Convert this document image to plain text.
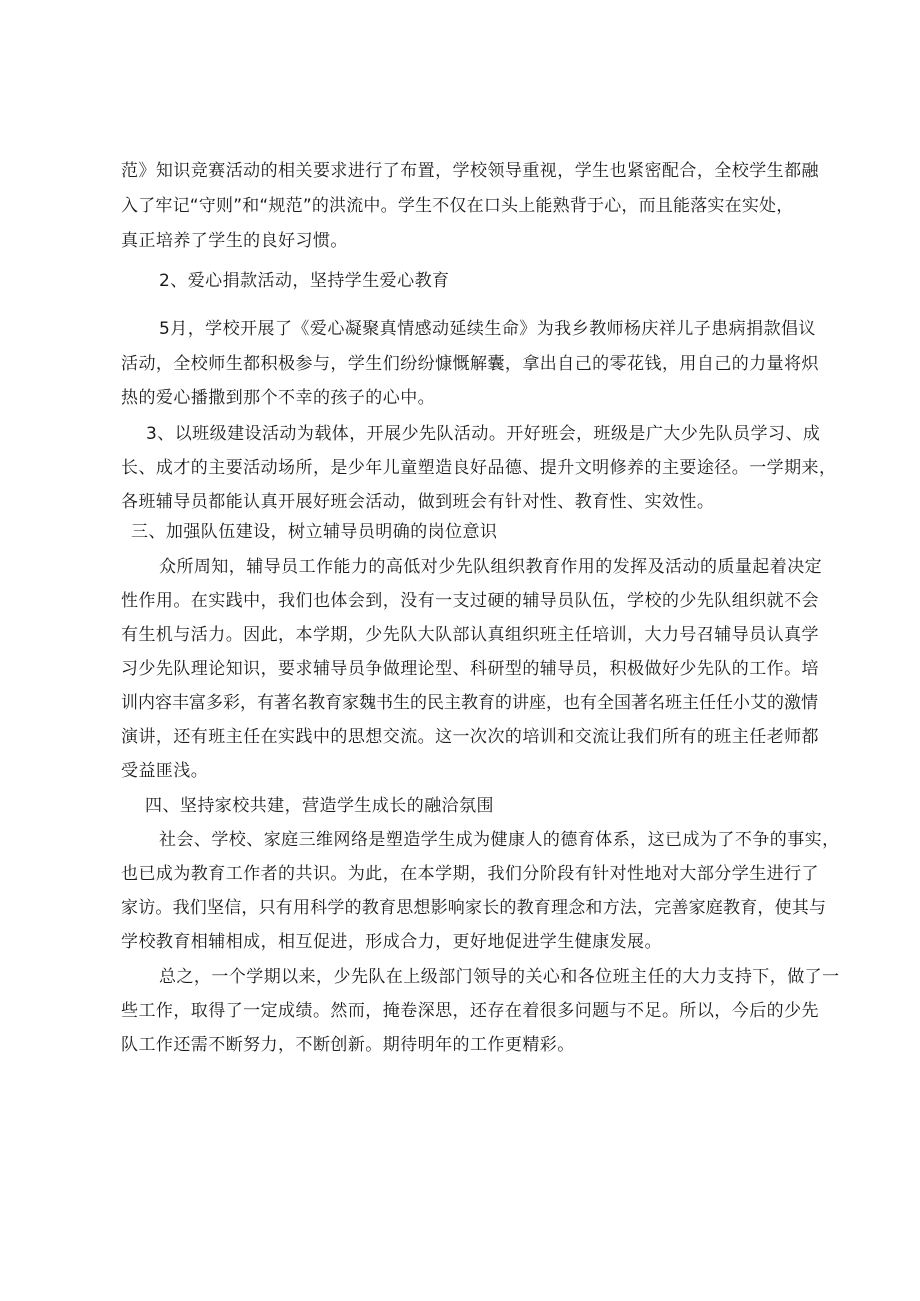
范》知识竞赛活动的相关要求进行了布置，学校领导重视，学生也紧密配合，全校学生都融
入了牢记“守则”和“规范”的洪流中。学生不仅在口头上能熟背于心，而且能落实在实处，
真正培养了学生的良好习惯。
2、爱心捐款活动，坚持学生爱心教育
5月，学校开展了《爱心凝聚真情感动延续生命》为我乡教师杨庆祥儿子患病捐款倡议
活动，全校师生都积极参与，学生们纷纷慷慨解囊，拿出自己的零花钱，用自己的力量将炽
热的爱心播撒到那个不幸的孩子的心中。
3、以班级建设活动为载体，开展少先队活动。开好班会，班级是广大少先队员学习、成
长、成才的主要活动场所，是少年儿童塑造良好品德、提升文明修养的主要途径。一学期来，
各班辅导员都能认真开展好班会活动，做到班会有针对性、教育性、实效性。
三、加强队伍建设，树立辅导员明确的岗位意识
众所周知，辅导员工作能力的高低对少先队组织教育作用的发挥及活动的质量起着决定
性作用。在实践中，我们也体会到，没有一支过硬的辅导员队伍，学校的少先队组织就不会
有生机与活力。因此，本学期，少先队大队部认真组织班主任培训，大力号召辅导员认真学
习少先队理论知识，要求辅导员争做理论型、科研型的辅导员，积极做好少先队的工作。培
训内容丰富多彩，有著名教育家魏书生的民主教育的讲座，也有全国著名班主任任小艾的激情
演讲，还有班主任在实践中的思想交流。这一次次的培训和交流让我们所有的班主任老师都
受益匪浅。
四、坚持家校共建，营造学生成长的融洽氛围
社会、学校、家庭三维网络是塑造学生成为健康人的德育体系，这已成为了不争的事实，
也已成为教育工作者的共识。为此，在本学期，我们分阶段有针对性地对大部分学生进行了
家访。我们坚信，只有用科学的教育思想影响家长的教育理念和方法，完善家庭教育，使其与
学校教育相辅相成，相互促进，形成合力，更好地促进学生健康发展。
总之，一个学期以来，少先队在上级部门领导的关心和各位班主任的大力支持下，做了一
些工作，取得了一定成绩。然而，掩卷深思，还存在着很多问题与不足。所以，今后的少先
队工作还需不断努力，不断创新。期待明年的工作更精彩。
